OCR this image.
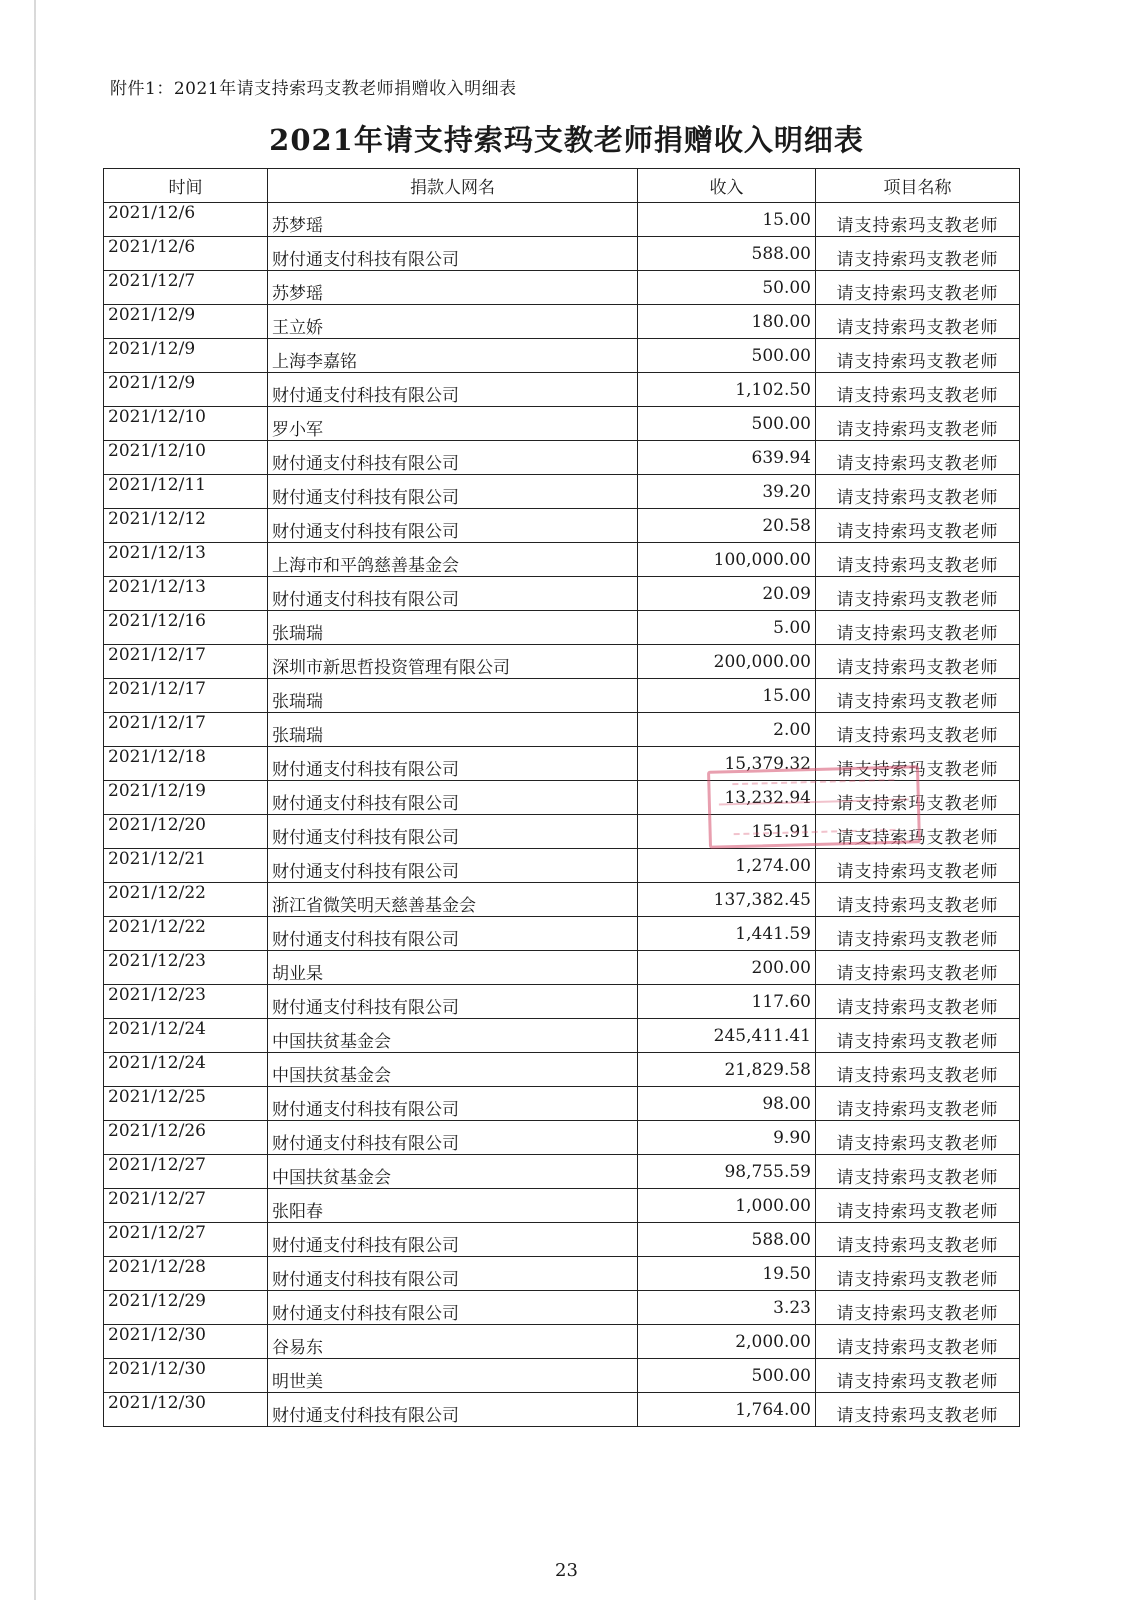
附件1：2021年请支持索玛支教老师捐赠收入明细表
2021年请支持索玛支教老师捐赠收入明细表
时间	捐款人网名	收入	项目名称
2021/12/6	苏梦瑶	15.00	请支持索玛支教老师
2021/12/6	财付通支付科技有限公司	588.00	请支持索玛支教老师
2021/12/7	苏梦瑶	50.00	请支持索玛支教老师
2021/12/9	王立娇	180.00	请支持索玛支教老师
2021/12/9	上海李嘉铭	500.00	请支持索玛支教老师
2021/12/9	财付通支付科技有限公司	1,102.50	请支持索玛支教老师
2021/12/10	罗小军	500.00	请支持索玛支教老师
2021/12/10	财付通支付科技有限公司	639.94	请支持索玛支教老师
2021/12/11	财付通支付科技有限公司	39.20	请支持索玛支教老师
2021/12/12	财付通支付科技有限公司	20.58	请支持索玛支教老师
2021/12/13	上海市和平鸽慈善基金会	100,000.00	请支持索玛支教老师
2021/12/13	财付通支付科技有限公司	20.09	请支持索玛支教老师
2021/12/16	张瑞瑞	5.00	请支持索玛支教老师
2021/12/17	深圳市新思哲投资管理有限公司	200,000.00	请支持索玛支教老师
2021/12/17	张瑞瑞	15.00	请支持索玛支教老师
2021/12/17	张瑞瑞	2.00	请支持索玛支教老师
2021/12/18	财付通支付科技有限公司	15,379.32	请支持索玛支教老师
2021/12/19	财付通支付科技有限公司	13,232.94	请支持索玛支教老师
2021/12/20	财付通支付科技有限公司	151.91	请支持索玛支教老师
2021/12/21	财付通支付科技有限公司	1,274.00	请支持索玛支教老师
2021/12/22	浙江省微笑明天慈善基金会	137,382.45	请支持索玛支教老师
2021/12/22	财付通支付科技有限公司	1,441.59	请支持索玛支教老师
2021/12/23	胡业杲	200.00	请支持索玛支教老师
2021/12/23	财付通支付科技有限公司	117.60	请支持索玛支教老师
2021/12/24	中国扶贫基金会	245,411.41	请支持索玛支教老师
2021/12/24	中国扶贫基金会	21,829.58	请支持索玛支教老师
2021/12/25	财付通支付科技有限公司	98.00	请支持索玛支教老师
2021/12/26	财付通支付科技有限公司	9.90	请支持索玛支教老师
2021/12/27	中国扶贫基金会	98,755.59	请支持索玛支教老师
2021/12/27	张阳春	1,000.00	请支持索玛支教老师
2021/12/27	财付通支付科技有限公司	588.00	请支持索玛支教老师
2021/12/28	财付通支付科技有限公司	19.50	请支持索玛支教老师
2021/12/29	财付通支付科技有限公司	3.23	请支持索玛支教老师
2021/12/30	谷易东	2,000.00	请支持索玛支教老师
2021/12/30	明世美	500.00	请支持索玛支教老师
2021/12/30	财付通支付科技有限公司	1,764.00	请支持索玛支教老师
23
